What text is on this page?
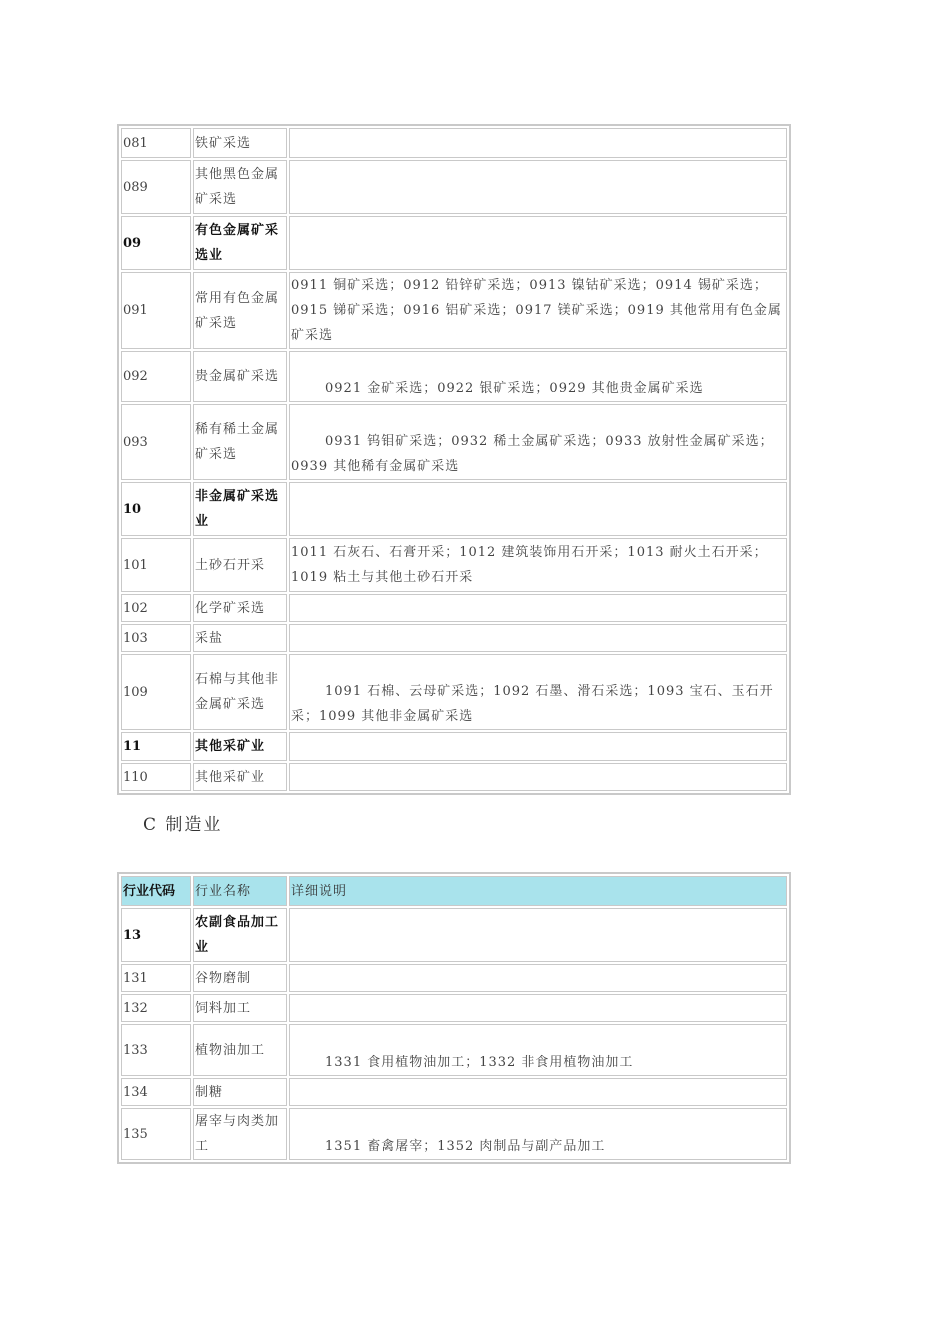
081	铁矿采选	
089	其他黑色金属矿采选	
09	有色金属矿采选业	
091	常用有色金属矿采选	0911 铜矿采选；0912 铅锌矿采选；0913 镍钴矿采选；0914 锡矿采选；0915 锑矿采选；0916 铝矿采选；0917 镁矿采选；0919 其他常用有色金属矿采选
092	贵金属矿采选	0921 金矿采选；0922 银矿采选；0929 其他贵金属矿采选
093	稀有稀土金属矿采选	0931 钨钼矿采选；0932 稀土金属矿采选；0933 放射性金属矿采选；0939 其他稀有金属矿采选
10	非金属矿采选业	
101	土砂石开采	1011 石灰石、石膏开采；1012 建筑装饰用石开采；1013 耐火土石开采；1019 粘土与其他土砂石开采
102	化学矿采选	
103	采盐	
109	石棉与其他非金属矿采选	1091 石棉、云母矿采选；1092 石墨、滑石采选；1093 宝石、玉石开采；1099 其他非金属矿采选
11	其他采矿业	
110	其他采矿业	
C 制造业
行业代码	行业名称	详细说明
13	农副食品加工业	
131	谷物磨制	
132	饲料加工	
133	植物油加工	1331 食用植物油加工；1332 非食用植物油加工
134	制糖	
135	屠宰与肉类加工	1351 畜禽屠宰；1352 肉制品与副产品加工
